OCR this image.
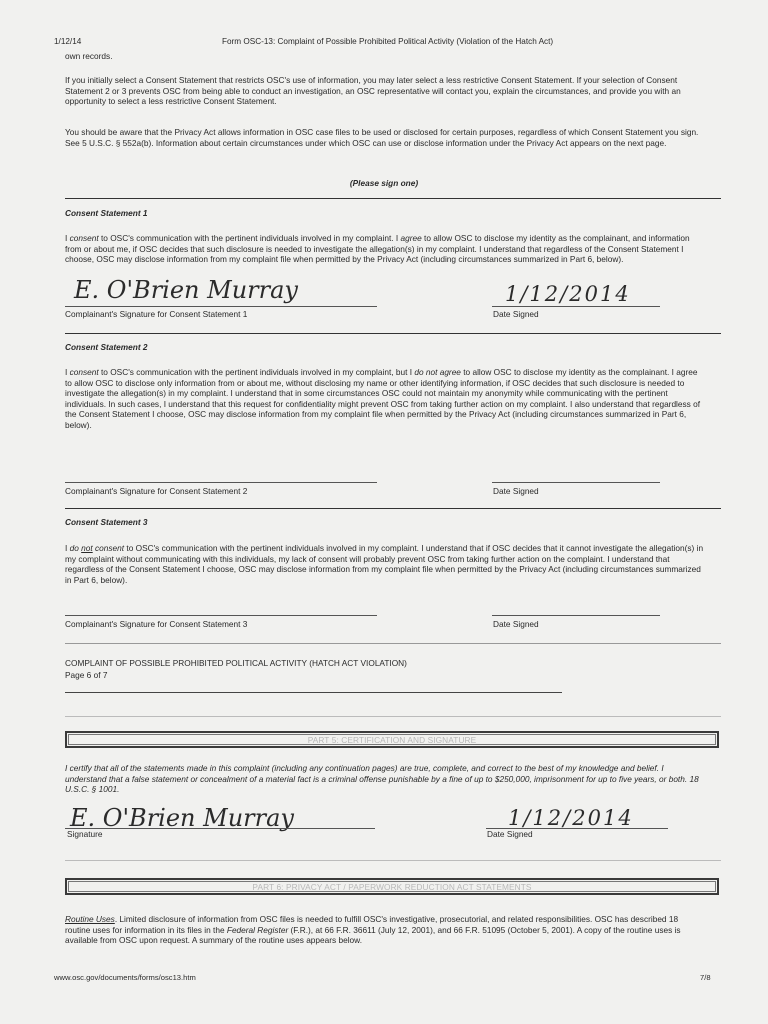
1/12/14	Form OSC-13: Complaint of Possible Prohibited Political Activity (Violation of the Hatch Act)
own records.
If you initially select a Consent Statement that restricts OSC's use of information, you may later select a less restrictive Consent Statement. If your selection of Consent Statement 2 or 3 prevents OSC from being able to conduct an investigation, an OSC representative will contact you, explain the circumstances, and provide you with an opportunity to select a less restrictive Consent Statement.
You should be aware that the Privacy Act allows information in OSC case files to be used or disclosed for certain purposes, regardless of which Consent Statement you sign. See 5 U.S.C. § 552a(b). Information about certain circumstances under which OSC can use or disclose information under the Privacy Act appears on the next page.
(Please sign one)
Consent Statement 1
I consent to OSC's communication with the pertinent individuals involved in my complaint. I agree to allow OSC to disclose my identity as the complainant, and information from or about me, if OSC decides that such disclosure is needed to investigate the allegation(s) in my complaint. I understand that regardless of the Consent Statement I choose, OSC may disclose information from my complaint file when permitted by the Privacy Act (including circumstances summarized in Part 6, below).
E. O'Brien Murray
Complainant's Signature for Consent Statement 1
1/12/2014
Date Signed
Consent Statement 2
I consent to OSC's communication with the pertinent individuals involved in my complaint, but I do not agree to allow OSC to disclose my identity as the complainant. I agree to allow OSC to disclose only information from or about me, without disclosing my name or other identifying information, if OSC decides that such disclosure is needed to investigate the allegation(s) in my complaint. I understand that in some circumstances OSC could not maintain my anonymity while communicating with the pertinent individuals. In such cases, I understand that this request for confidentiality might prevent OSC from taking further action on my complaint. I also understand that regardless of the Consent Statement I choose, OSC may disclose information from my complaint file when permitted by the Privacy Act (including circumstances summarized in Part 6, below).
Complainant's Signature for Consent Statement 2	Date Signed
Consent Statement 3
I do not consent to OSC's communication with the pertinent individuals involved in my complaint. I understand that if OSC decides that it cannot investigate the allegation(s) in my complaint without communicating with this individuals, my lack of consent will probably prevent OSC from taking further action on the complaint. I understand that regardless of the Consent Statement I choose, OSC may disclose information from my complaint file when permitted by the Privacy Act (including circumstances summarized in Part 6, below).
Complainant's Signature for Consent Statement 3	Date Signed
COMPLAINT OF POSSIBLE PROHIBITED POLITICAL ACTIVITY (HATCH ACT VIOLATION)
Page 6 of 7
PART 5: CERTIFICATION AND SIGNATURE
I certify that all of the statements made in this complaint (including any continuation pages) are true, complete, and correct to the best of my knowledge and belief. I understand that a false statement or concealment of a material fact is a criminal offense punishable by a fine of up to $250,000, imprisonment for up to five years, or both. 18 U.S.C. § 1001.
E. O'Brien Murray
Signature
1/12/2014
Date Signed
PART 6: PRIVACY ACT / PAPERWORK REDUCTION ACT STATEMENTS
Routine Uses. Limited disclosure of information from OSC files is needed to fulfill OSC's investigative, prosecutorial, and related responsibilities. OSC has described 18 routine uses for information in its files in the Federal Register (F.R.), at 66 F.R. 36611 (July 12, 2001), and 66 F.R. 51095 (October 5, 2001). A copy of the routine uses is available from OSC upon request. A summary of the routine uses appears below.
www.osc.gov/documents/forms/osc13.htm	7/8
